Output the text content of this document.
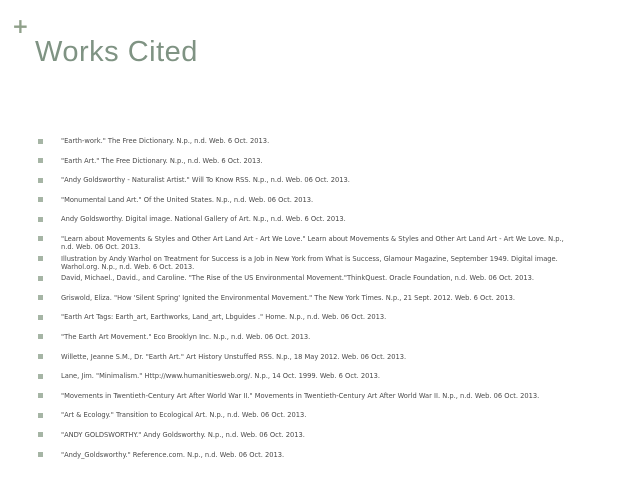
+
Works Cited
"Earth-work." The Free Dictionary. N.p., n.d. Web. 6 Oct. 2013.
"Earth Art." The Free Dictionary. N.p., n.d. Web. 6 Oct. 2013.
"Andy Goldsworthy - Naturalist Artist." Will To Know RSS. N.p., n.d. Web. 06 Oct. 2013.
"Monumental Land Art." Of the United States. N.p., n.d. Web. 06 Oct. 2013.
Andy Goldsworthy. Digital image. National Gallery of Art. N.p., n.d. Web. 6 Oct. 2013.
"Learn about Movements & Styles and Other Art Land Art - Art We Love." Learn about Movements & Styles and Other Art Land Art - Art We Love. N.p., n.d. Web. 06 Oct. 2013.
Illustration by Andy Warhol on Treatment for Success is a Job in New York from What is Success, Glamour Magazine, September 1949. Digital image. Warhol.org. N.p., n.d. Web. 6 Oct. 2013.
David, Michael., David., and Caroline. "The Rise of the US Environmental Movement."ThinkQuest. Oracle Foundation, n.d. Web. 06 Oct. 2013.
Griswold, Eliza. "How 'Silent Spring' Ignited the Environmental Movement." The New York Times. N.p., 21 Sept. 2012. Web. 6 Oct. 2013.
"Earth Art Tags: Earth_art, Earthworks, Land_art, Lbguides ." Home. N.p., n.d. Web. 06 Oct. 2013.
"The Earth Art Movement." Eco Brooklyn Inc. N.p., n.d. Web. 06 Oct. 2013.
Willette, Jeanne S.M., Dr. "Earth Art." Art History Unstuffed RSS. N.p., 18 May 2012. Web. 06 Oct. 2013.
Lane, Jim. "Minimalism." Http://www.humanitiesweb.org/. N.p., 14 Oct. 1999. Web. 6 Oct. 2013.
"Movements in Twentieth-Century Art After World War II." Movements in Twentieth-Century Art After World War II. N.p., n.d. Web. 06 Oct. 2013.
"Art & Ecology." Transition to Ecological Art. N.p., n.d. Web. 06 Oct. 2013.
"ANDY GOLDSWORTHY." Andy Goldsworthy. N.p., n.d. Web. 06 Oct. 2013.
"Andy_Goldsworthy." Reference.com. N.p., n.d. Web. 06 Oct. 2013.
